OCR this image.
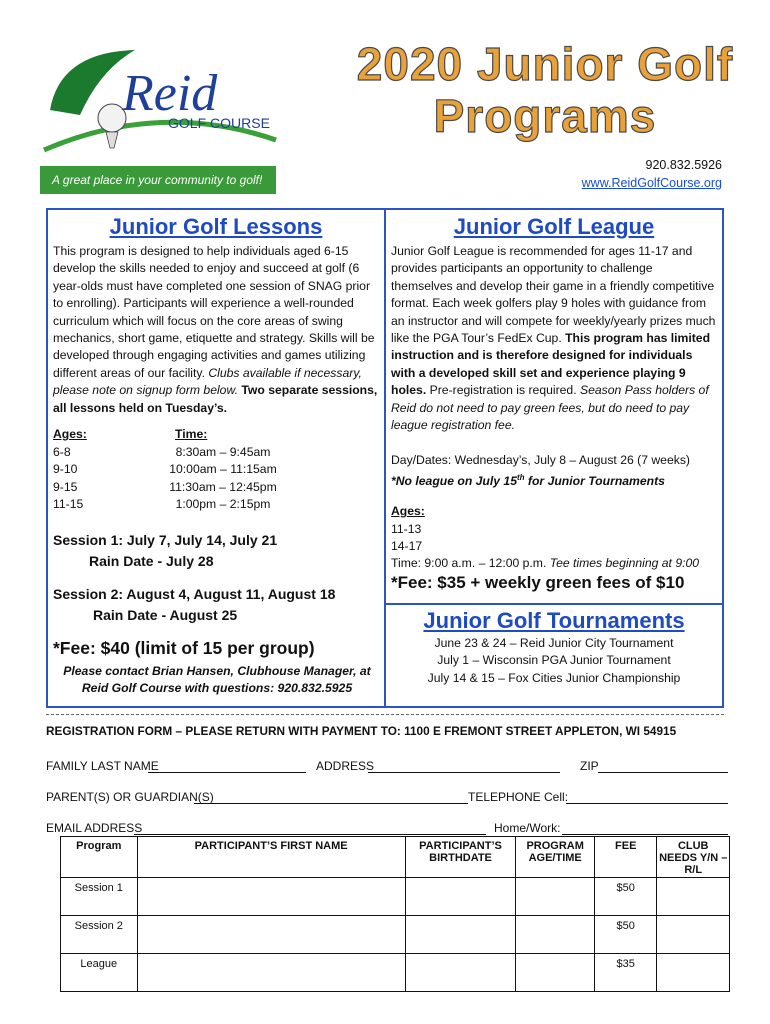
Reid
GOLF COURSE
A great place in your community to golf!
2020 Junior Golf
Programs
920.832.5926
www.ReidGolfCourse.org
Junior Golf Lessons
This program is designed to help individuals aged 6-15 develop the skills needed to enjoy and succeed at golf (6 year-olds must have completed one session of SNAG prior to enrolling). Participants will experience a well-rounded curriculum which will focus on the core areas of swing mechanics, short game, etiquette and strategy. Skills will be developed through engaging activities and games utilizing different areas of our facility. Clubs available if necessary, please note on signup form below. Two separate sessions, all lessons held on Tuesday’s.
Ages:	Time:
6-8	8:30am – 9:45am
9-10	10:00am – 11:15am
9-15	11:30am – 12:45pm
11-15	1:00pm – 2:15pm
Session 1: July 7, July 14, July 21
Rain Date - July 28
Session 2: August 4, August 11, August 18
Rain Date - August 25
*Fee: $40 (limit of 15 per group)
Please contact Brian Hansen, Clubhouse Manager, at Reid Golf Course with questions: 920.832.5925
Junior Golf League
Junior Golf League is recommended for ages 11-17 and provides participants an opportunity to challenge themselves and develop their game in a friendly competitive format. Each week golfers play 9 holes with guidance from an instructor and will compete for weekly/yearly prizes much like the PGA Tour’s FedEx Cup. This program has limited instruction and is therefore designed for individuals with a developed skill set and experience playing 9 holes. Pre-registration is required. Season Pass holders of Reid do not need to pay green fees, but do need to pay league registration fee.
Day/Dates: Wednesday’s, July 8 – August 26 (7 weeks)
*No league on July 15th for Junior Tournaments
Ages:
11-13
14-17
Time: 9:00 a.m. – 12:00 p.m. Tee times beginning at 9:00
*Fee: $35 + weekly green fees of $10
Junior Golf Tournaments
June 23 & 24 – Reid Junior City Tournament
July 1 – Wisconsin PGA Junior Tournament
July 14 & 15 – Fox Cities Junior Championship
REGISTRATION FORM – PLEASE RETURN WITH PAYMENT TO: 1100 E FREMONT STREET APPLETON, WI 54915
FAMILY LAST NAME	ADDRESS	ZIP
PARENT(S) OR GUARDIAN(S)	TELEPHONE Cell:
EMAIL ADDRESS	Home/Work:
Program	PARTICIPANT’S FIRST NAME	PARTICIPANT’S BIRTHDATE	PROGRAM AGE/TIME	FEE	CLUB NEEDS Y/N – R/L
Session 1				$50	
Session 2				$50	
League				$35	
